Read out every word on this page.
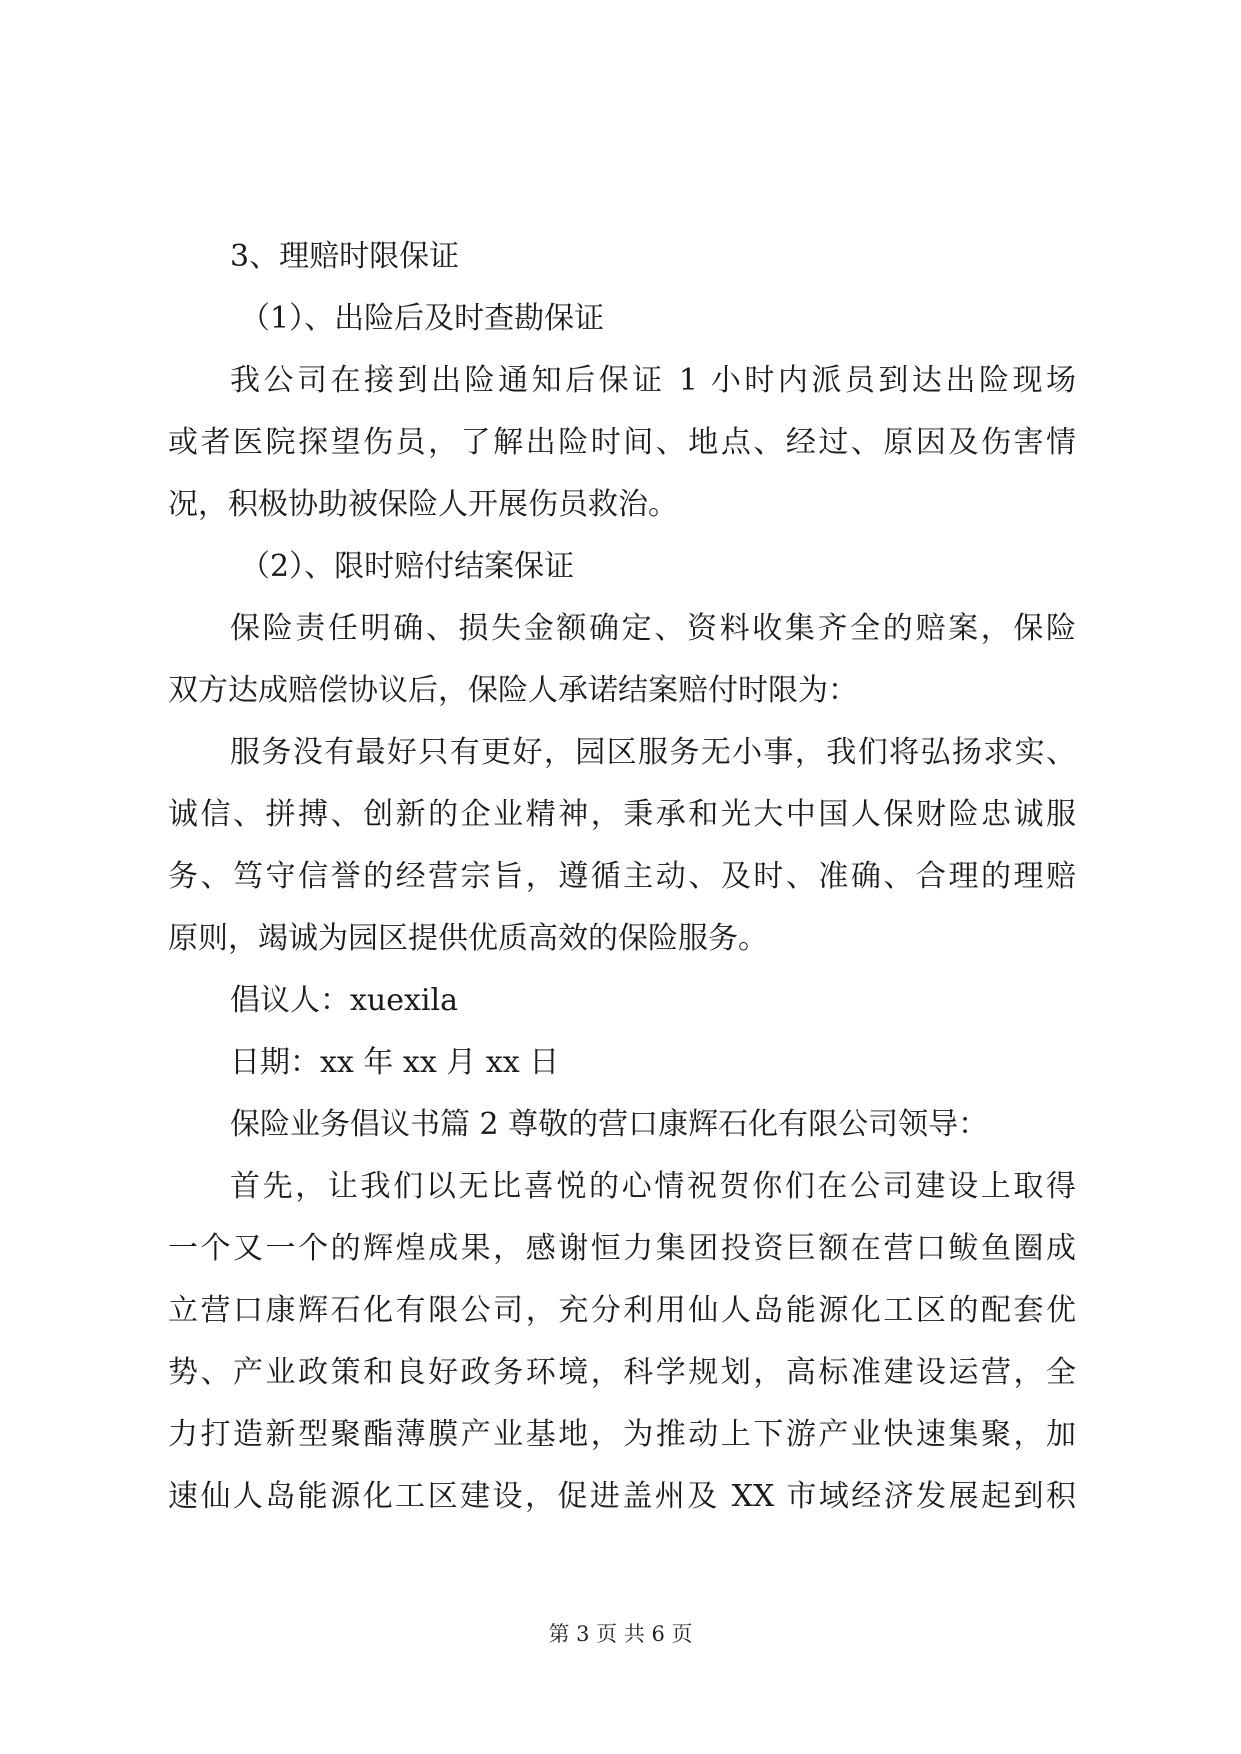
3、理赔时限保证
（1）、出险后及时查勘保证
我公司在接到出险通知后保证 1 小时内派员到达出险现场
或者医院探望伤员，了解出险时间、地点、经过、原因及伤害情
况，积极协助被保险人开展伤员救治。
（2）、限时赔付结案保证
保险责任明确、损失金额确定、资料收集齐全的赔案，保险
双方达成赔偿协议后，保险人承诺结案赔付时限为：
服务没有最好只有更好，园区服务无小事，我们将弘扬求实、
诚信、拼搏、创新的企业精神，秉承和光大中国人保财险忠诚服
务、笃守信誉的经营宗旨，遵循主动、及时、准确、合理的理赔
原则，竭诚为园区提供优质高效的保险服务。
倡议人：xuexila
日期：xx 年 xx 月 xx 日
保险业务倡议书篇 2 尊敬的营口康辉石化有限公司领导：
首先，让我们以无比喜悦的心情祝贺你们在公司建设上取得
一个又一个的辉煌成果，感谢恒力集团投资巨额在营口鲅鱼圈成
立营口康辉石化有限公司，充分利用仙人岛能源化工区的配套优
势、产业政策和良好政务环境，科学规划，高标准建设运营，全
力打造新型聚酯薄膜产业基地，为推动上下游产业快速集聚，加
速仙人岛能源化工区建设，促进盖州及 XX 市域经济发展起到积
第 3 页 共 6 页
